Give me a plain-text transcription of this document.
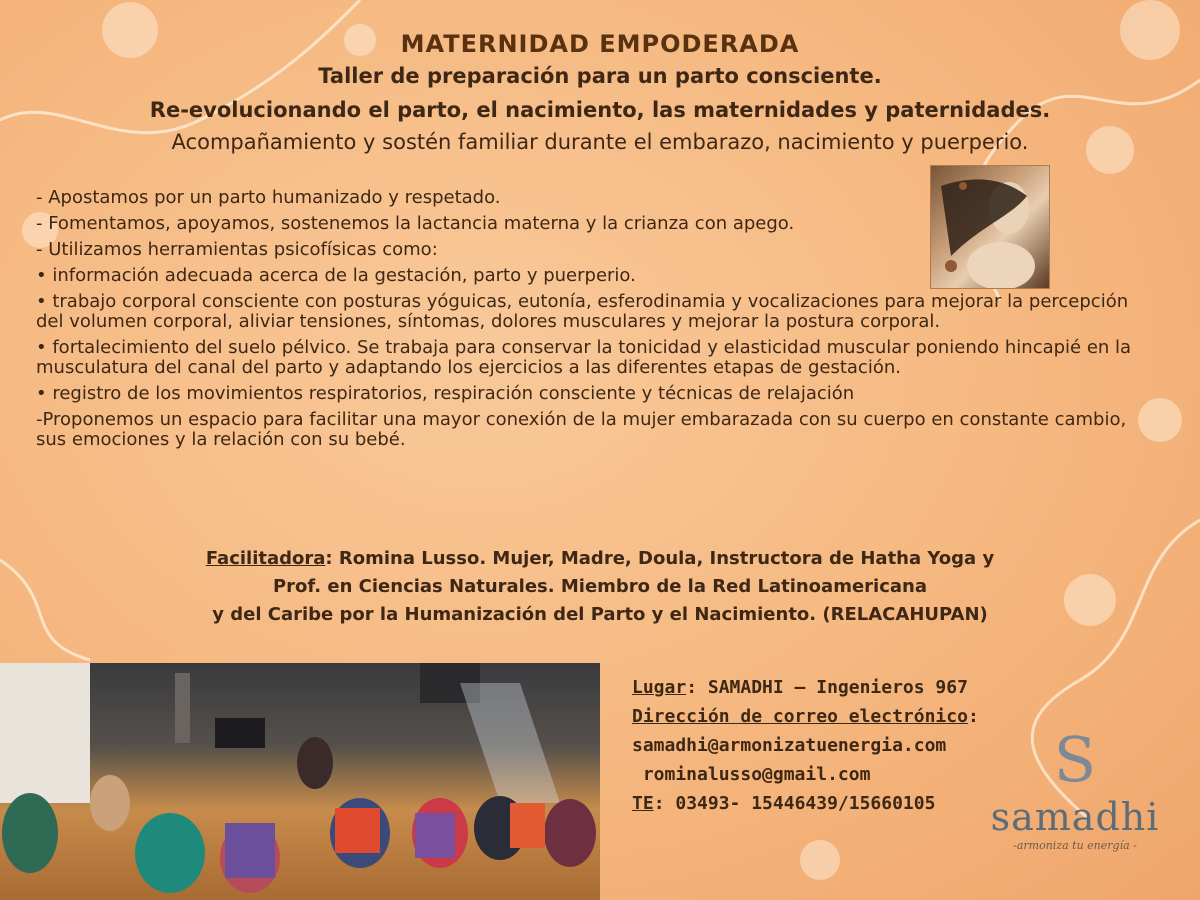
MATERNIDAD EMPODERADA
Taller de preparación para un parto consciente.
Re-evolucionando el parto, el nacimiento, las maternidades y paternidades.
Acompañamiento y sostén familiar durante el embarazo, nacimiento y puerperio.

- Apostamos por un parto humanizado y respetado.

- Fomentamos, apoyamos, sostenemos la lactancia materna y la crianza con apego.

- Utilizamos herramientas psicofísicas como:

• información adecuada acerca de la gestación, parto y puerperio.

• trabajo corporal consciente con posturas yóguicas, eutonía, esferodinamia y vocalizaciones para mejorar la percepción del volumen corporal, aliviar tensiones, síntomas, dolores musculares y mejorar la postura corporal.

• fortalecimiento del suelo pélvico. Se trabaja para conservar la tonicidad y elasticidad muscular poniendo hincapié en la musculatura del canal del parto y adaptando los ejercicios a las diferentes etapas de gestación.

• registro de los movimientos respiratorios, respiración consciente y técnicas de relajación

-Proponemos un espacio para facilitar una mayor conexión de la mujer embarazada con su cuerpo en constante cambio, sus emociones y la relación con su bebé.

Facilitadora: Romina Lusso. Mujer, Madre, Doula, Instructora de Hatha Yoga y
Prof. en Ciencias Naturales. Miembro de la Red Latinoamericana
y del Caribe por la Humanización del Parto y el Nacimiento. (RELACAHUPAN)
Lugar: SAMADHI – Ingenieros 967
Dirección de correo electrónico:
samadhi@armonizatuenergia.com
rominalusso@gmail.com
TE: 03493- 15446439/15660105
S
samadhi
-armoniza tu energía -
